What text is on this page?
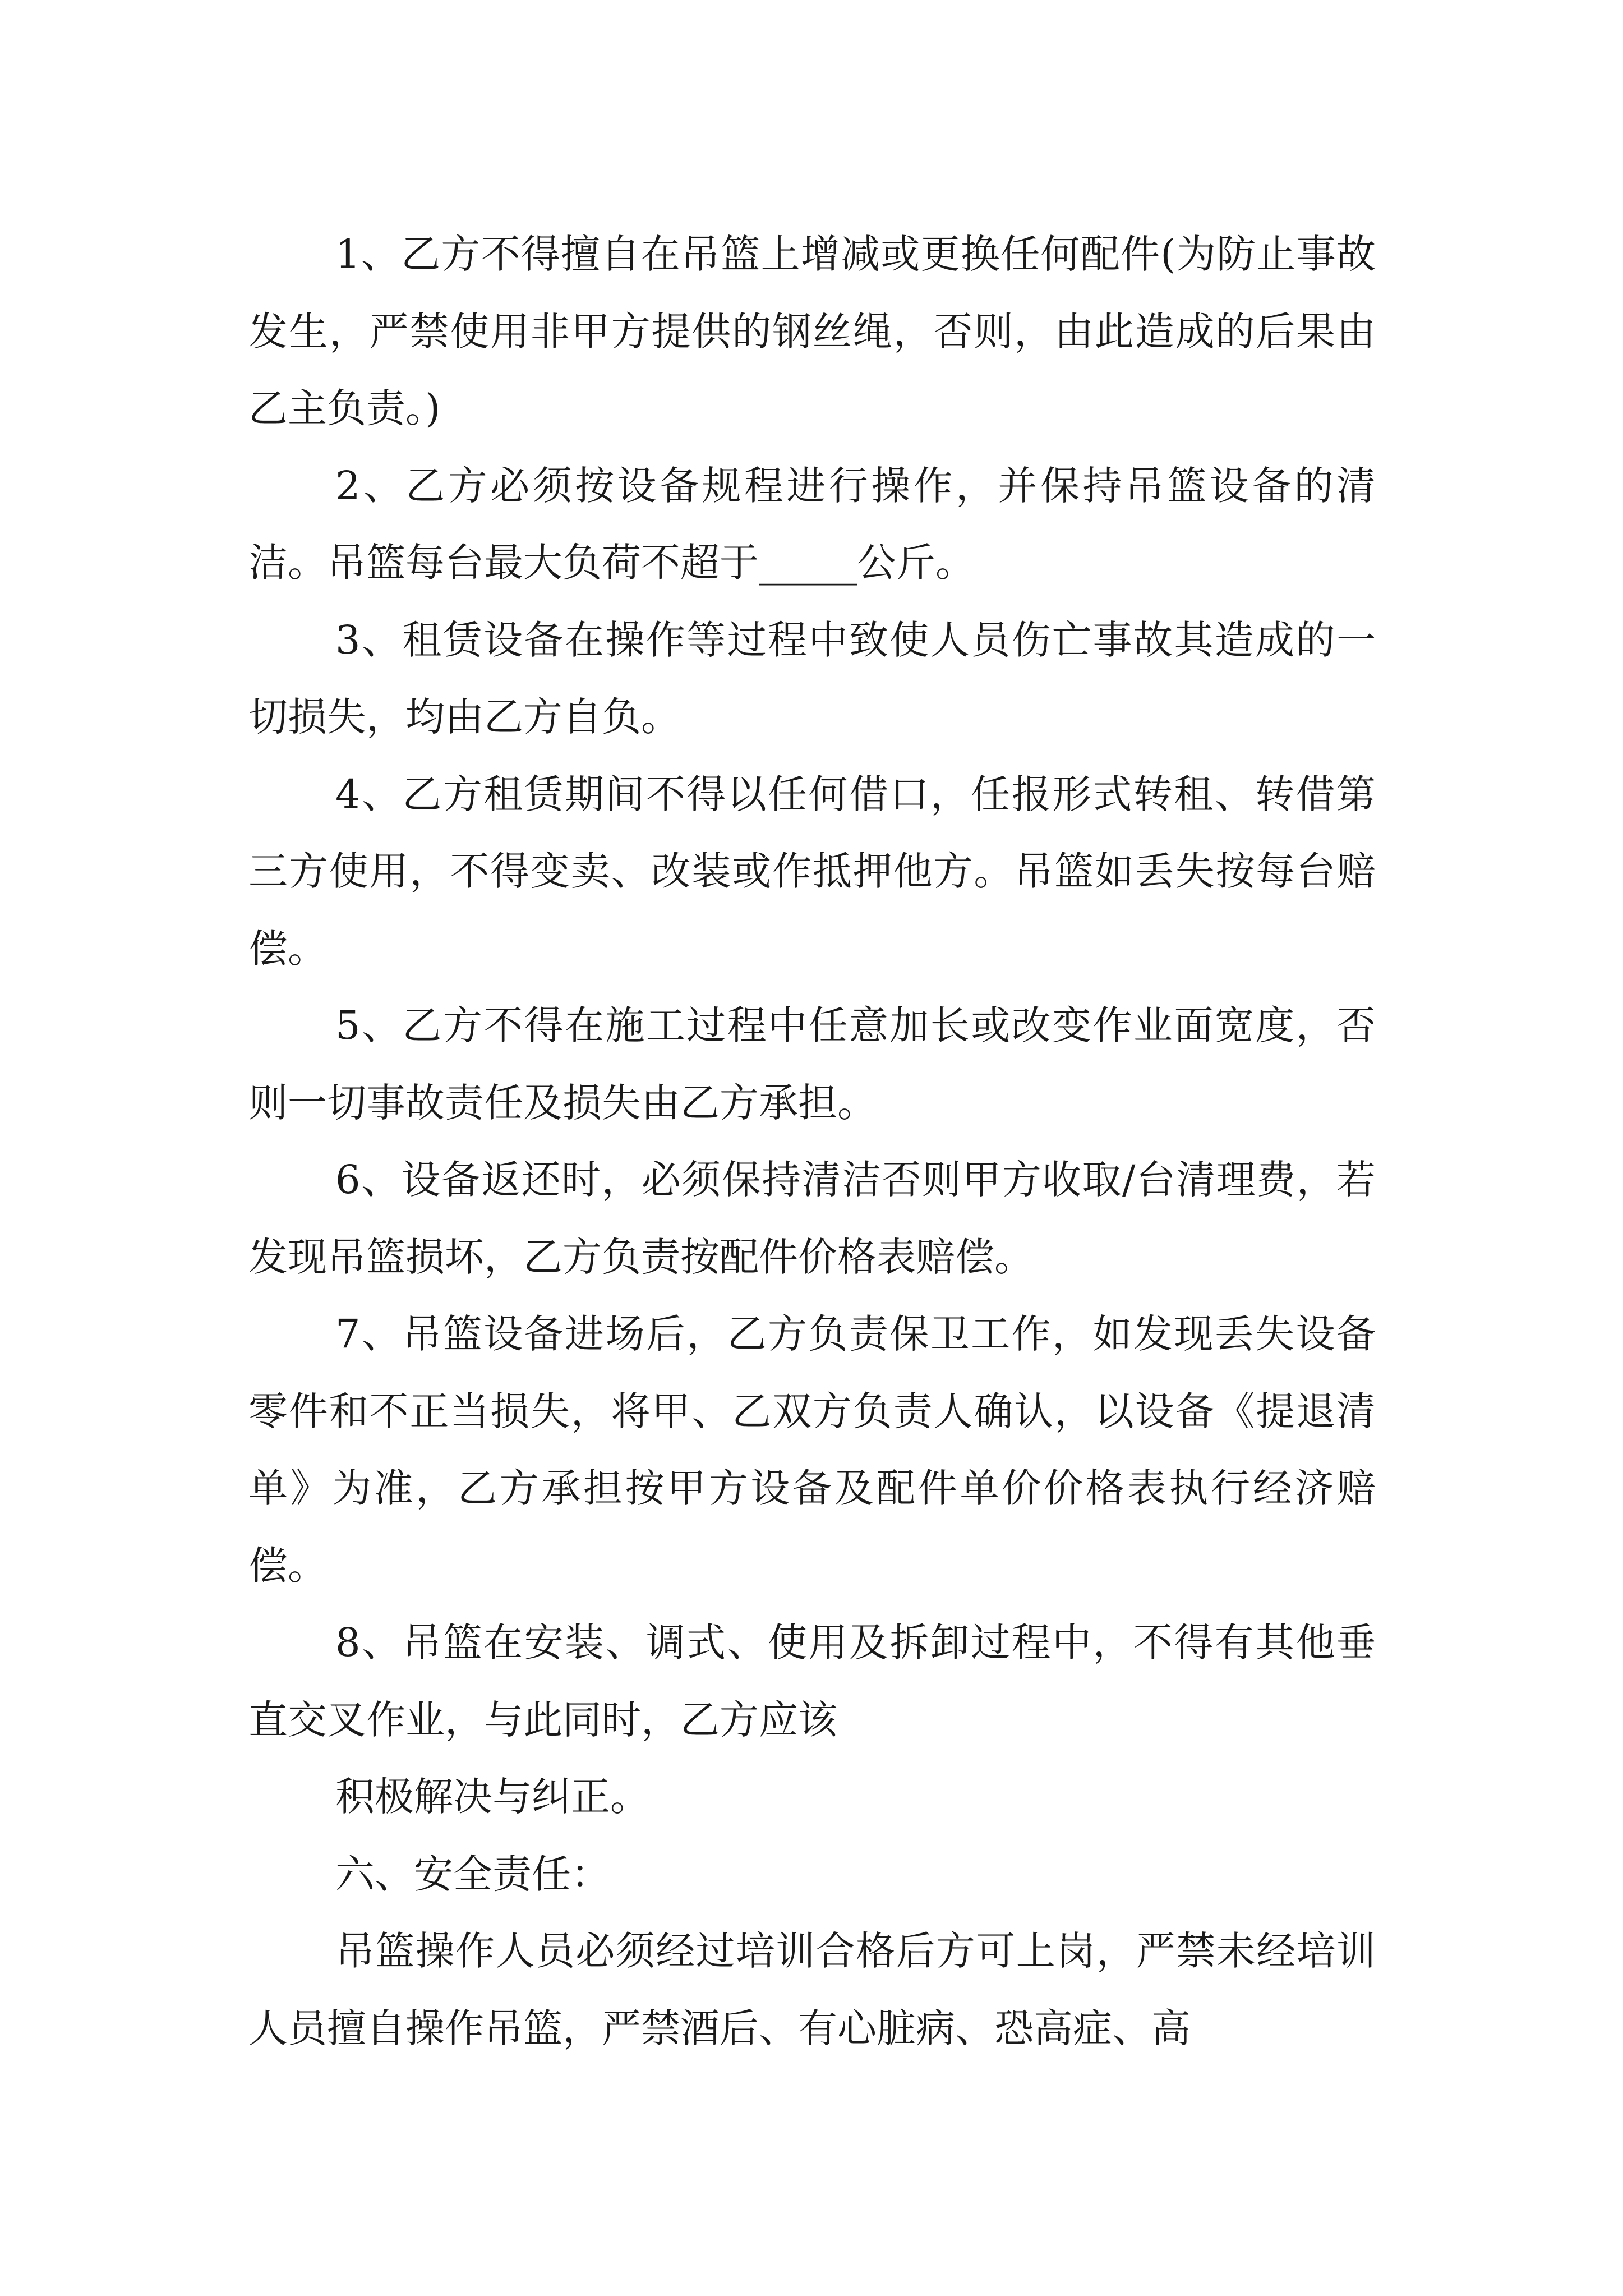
1、乙方不得擅自在吊篮上增减或更换任何配件(为防止事故发生，严禁使用非甲方提供的钢丝绳，否则，由此造成的后果由乙主负责。)

2、乙方必须按设备规程进行操作，并保持吊篮设备的清洁。吊篮每台最大负荷不超于_____公斤。

3、租赁设备在操作等过程中致使人员伤亡事故其造成的一切损失，均由乙方自负。

4、乙方租赁期间不得以任何借口，任报形式转租、转借第三方使用，不得变卖、改装或作抵押他方。吊篮如丢失按每台赔偿。

5、乙方不得在施工过程中任意加长或改变作业面宽度，否则一切事故责任及损失由乙方承担。

6、设备返还时，必须保持清洁否则甲方收取/台清理费，若发现吊篮损坏，乙方负责按配件价格表赔偿。

7、吊篮设备进场后，乙方负责保卫工作，如发现丢失设备零件和不正当损失，将甲、乙双方负责人确认，以设备《提退清单》为准，乙方承担按甲方设备及配件单价价格表执行经济赔偿。

8、吊篮在安装、调式、使用及拆卸过程中，不得有其他垂直交叉作业，与此同时，乙方应该

积极解决与纠正。

六、安全责任：

吊篮操作人员必须经过培训合格后方可上岗，严禁未经培训人员擅自操作吊篮，严禁酒后、有心脏病、恐高症、高
